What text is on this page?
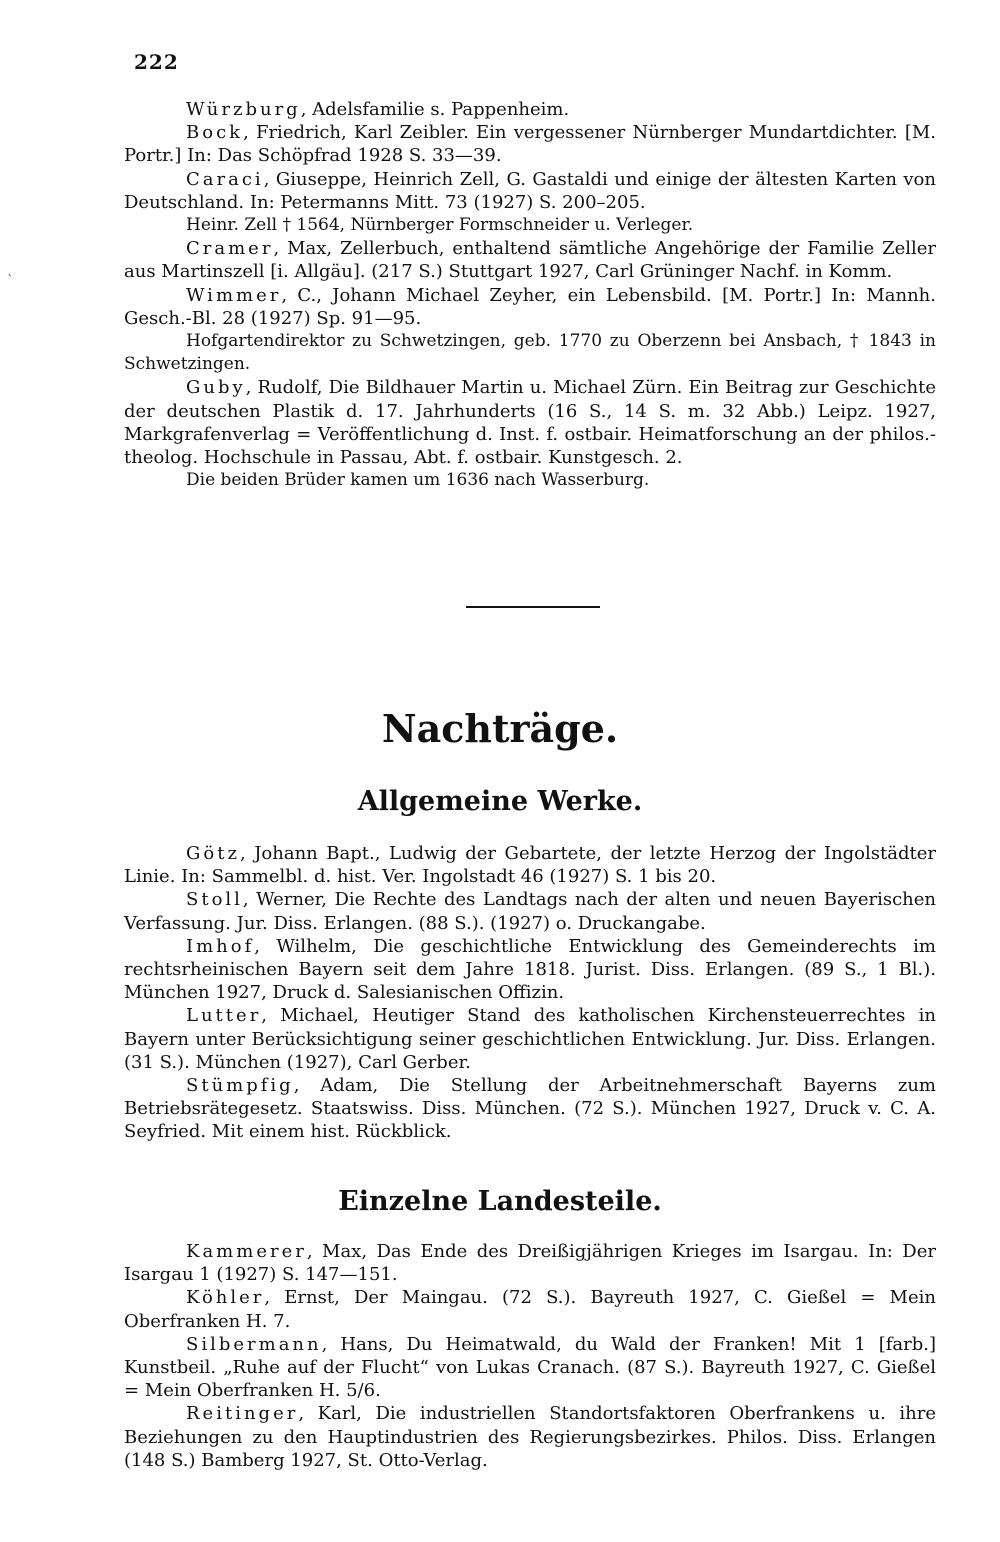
222
`

Würzburg, Adelsfamilie s. Pappenheim.

Bock, Friedrich, Karl Zeibler. Ein vergessener Nürnberger Mundartdichter. [M. Portr.] In: Das Schöpfrad 1928 S. 33—39.

Caraci, Giuseppe, Heinrich Zell, G. Gastaldi und einige der ältesten Karten von Deutschland. In: Petermanns Mitt. 73 (1927) S. 200–205.

Heinr. Zell † 1564, Nürnberger Formschneider u. Verleger.

Cramer, Max, Zellerbuch, enthaltend sämtliche Angehörige der Familie Zeller aus Martinszell [i. Allgäu]. (217 S.) Stuttgart 1927, Carl Grüninger Nachf. in Komm.

Wimmer, C., Johann Michael Zeyher, ein Lebensbild. [M. Portr.] In: Mannh. Gesch.-Bl. 28 (1927) Sp. 91—95.

Hofgartendirektor zu Schwetzingen, geb. 1770 zu Oberzenn bei Ansbach, † 1843 in Schwetzingen.

Guby, Rudolf, Die Bildhauer Martin u. Michael Zürn. Ein Beitrag zur Geschichte der deutschen Plastik d. 17. Jahrhunderts (16 S., 14 S. m. 32 Abb.) Leipz. 1927, Markgrafenverlag = Veröffentlichung d. Inst. f. ostbair. Heimatforschung an der philos.-theolog. Hochschule in Passau, Abt. f. ostbair. Kunstgesch. 2.

Die beiden Brüder kamen um 1636 nach Wasserburg.

Nachträge.
Allgemeine Werke.

Götz, Johann Bapt., Ludwig der Gebartete, der letzte Herzog der Ingolstädter Linie. In: Sammelbl. d. hist. Ver. Ingolstadt 46 (1927) S. 1 bis 20.

Stoll, Werner, Die Rechte des Landtags nach der alten und neuen Bayerischen Verfassung. Jur. Diss. Erlangen. (88 S.). (1927) o. Druckangabe.

Imhof, Wilhelm, Die geschichtliche Entwicklung des Gemeinderechts im rechtsrheinischen Bayern seit dem Jahre 1818. Jurist. Diss. Erlangen. (89 S., 1 Bl.). München 1927, Druck d. Salesianischen Offizin.

Lutter, Michael, Heutiger Stand des katholischen Kirchensteuerrechtes in Bayern unter Berücksichtigung seiner geschichtlichen Entwicklung. Jur. Diss. Erlangen. (31 S.). München (1927), Carl Gerber.

Stümpfig, Adam, Die Stellung der Arbeitnehmerschaft Bayerns zum Betriebsrätegesetz. Staatswiss. Diss. München. (72 S.). München 1927, Druck v. C. A. Seyfried. Mit einem hist. Rückblick.

Einzelne Landesteile.

Kammerer, Max, Das Ende des Dreißigjährigen Krieges im Isargau. In: Der Isargau 1 (1927) S. 147—151.

Köhler, Ernst, Der Maingau. (72 S.). Bayreuth 1927, C. Gießel = Mein Oberfranken H. 7.

Silbermann, Hans, Du Heimatwald, du Wald der Franken! Mit 1 [farb.] Kunstbeil. „Ruhe auf der Flucht“ von Lukas Cranach. (87 S.). Bayreuth 1927, C. Gießel = Mein Oberfranken H. 5/6.

Reitinger, Karl, Die industriellen Standortsfaktoren Oberfrankens u. ihre Beziehungen zu den Hauptindustrien des Regierungsbezirkes. Philos. Diss. Erlangen (148 S.) Bamberg 1927, St. Otto-Verlag.
